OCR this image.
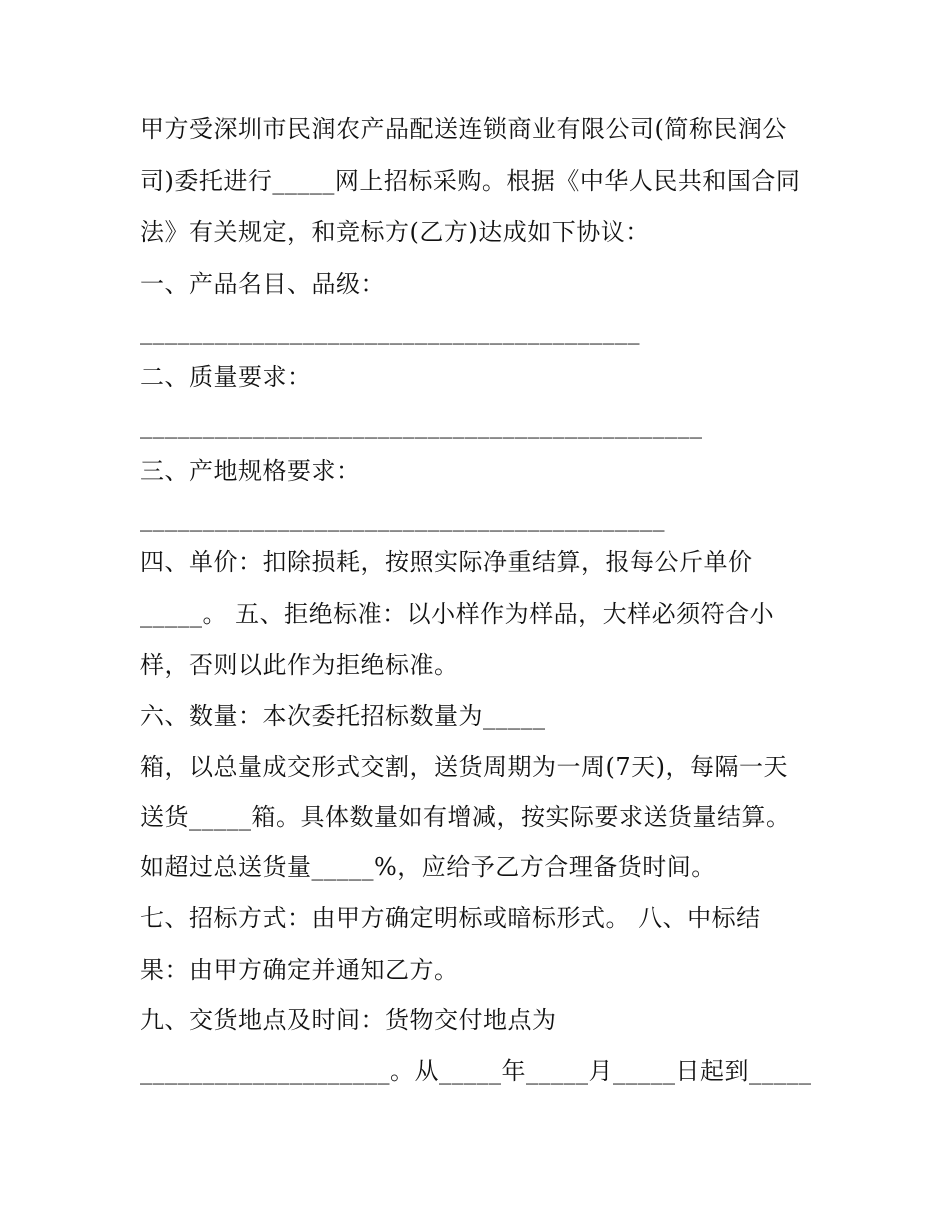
甲方受深圳市民润农产品配送连锁商业有限公司(简称民润公
司)委托进行_____网上招标采购。根据《中华人民共和国合同
法》有关规定，和竞标方(乙方)达成如下协议：
一、产品名目、品级：
________________________________________
二、质量要求：
_____________________________________________
三、产地规格要求：
__________________________________________
四、单价：扣除损耗，按照实际净重结算，报每公斤单价
_____。 五、拒绝标准：以小样作为样品，大样必须符合小
样，否则以此作为拒绝标准。
六、数量：本次委托招标数量为_____
箱，以总量成交形式交割，送货周期为一周(7天)，每隔一天
送货_____箱。具体数量如有增减，按实际要求送货量结算。
如超过总送货量_____%，应给予乙方合理备货时间。
七、招标方式：由甲方确定明标或暗标形式。 八、中标结
果：由甲方确定并通知乙方。
九、交货地点及时间：货物交付地点为
____________________。从_____年_____月_____日起到_____
